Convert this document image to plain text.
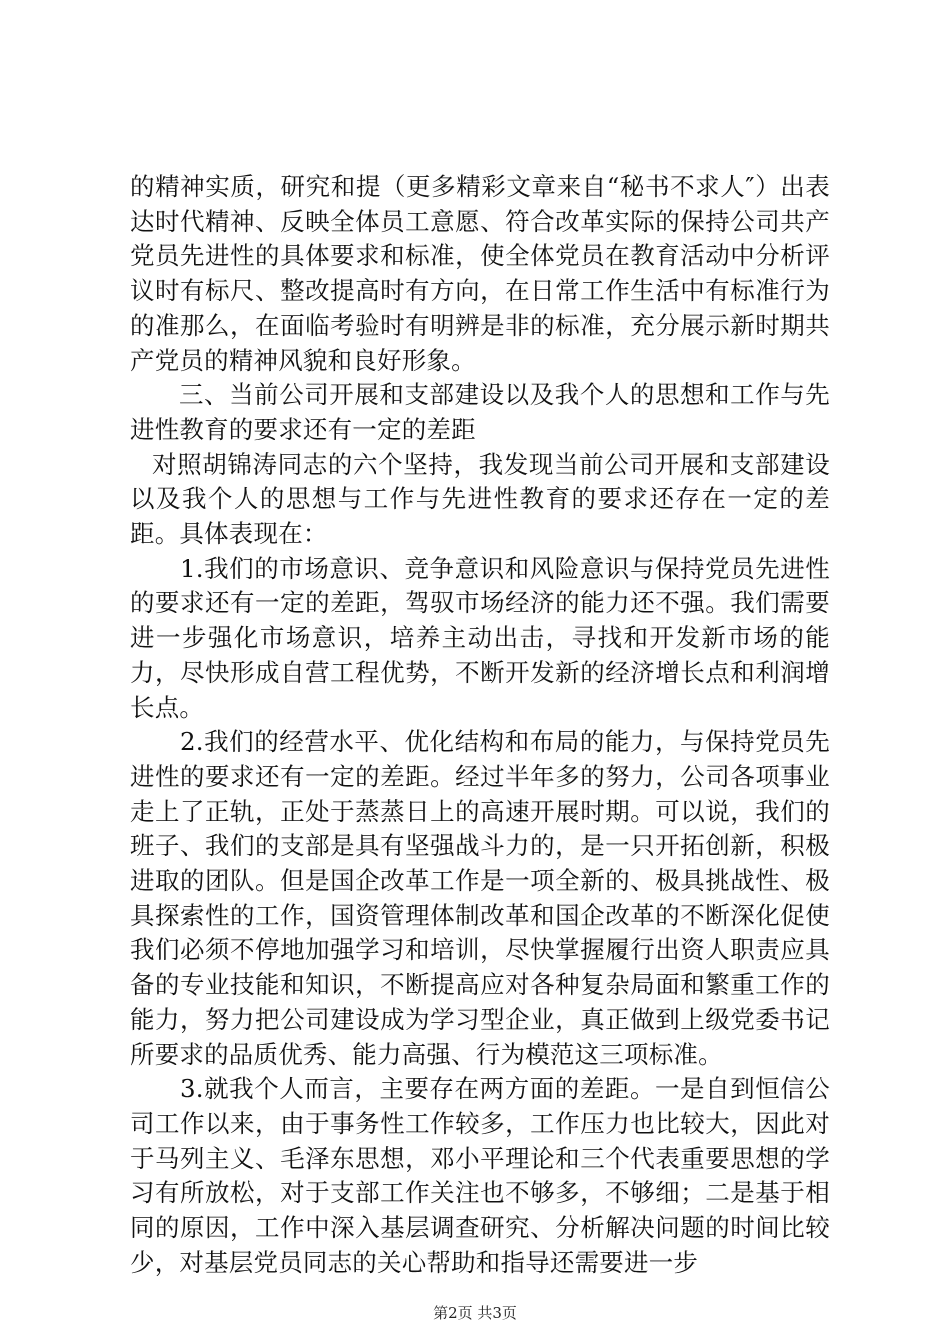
的精神实质，研究和提（更多精彩文章来自“秘书不求人″）出表达时代精神、反映全体员工意愿、符合改革实际的保持公司共产党员先进性的具体要求和标准，使全体党员在教育活动中分析评议时有标尺、整改提高时有方向，在日常工作生活中有标准行为的准那么，在面临考验时有明辨是非的标准，充分展示新时期共产党员的精神风貌和良好形象。

三、当前公司开展和支部建设以及我个人的思想和工作与先进性教育的要求还有一定的差距

对照胡锦涛同志的六个坚持，我发现当前公司开展和支部建设以及我个人的思想与工作与先进性教育的要求还存在一定的差距。具体表现在：

1.我们的市场意识、竞争意识和风险意识与保持党员先进性的要求还有一定的差距，驾驭市场经济的能力还不强。我们需要进一步强化市场意识，培养主动出击，寻找和开发新市场的能力，尽快形成自营工程优势，不断开发新的经济增长点和利润增长点。

2.我们的经营水平、优化结构和布局的能力，与保持党员先进性的要求还有一定的差距。经过半年多的努力，公司各项事业走上了正轨，正处于蒸蒸日上的高速开展时期。可以说，我们的班子、我们的支部是具有坚强战斗力的，是一只开拓创新，积极进取的团队。但是国企改革工作是一项全新的、极具挑战性、极具探索性的工作，国资管理体制改革和国企改革的不断深化促使我们必须不停地加强学习和培训，尽快掌握履行出资人职责应具备的专业技能和知识，不断提高应对各种复杂局面和繁重工作的能力，努力把公司建设成为学习型企业，真正做到上级党委书记所要求的品质优秀、能力高强、行为模范这三项标准。

3.就我个人而言，主要存在两方面的差距。一是自到恒信公司工作以来，由于事务性工作较多，工作压力也比较大，因此对于马列主义、毛泽东思想，邓小平理论和三个代表重要思想的学习有所放松，对于支部工作关注也不够多，不够细；二是基于相同的原因，工作中深入基层调查研究、分析解决问题的时间比较少，对基层党员同志的关心帮助和指导还需要进一步

第2页 共3页
